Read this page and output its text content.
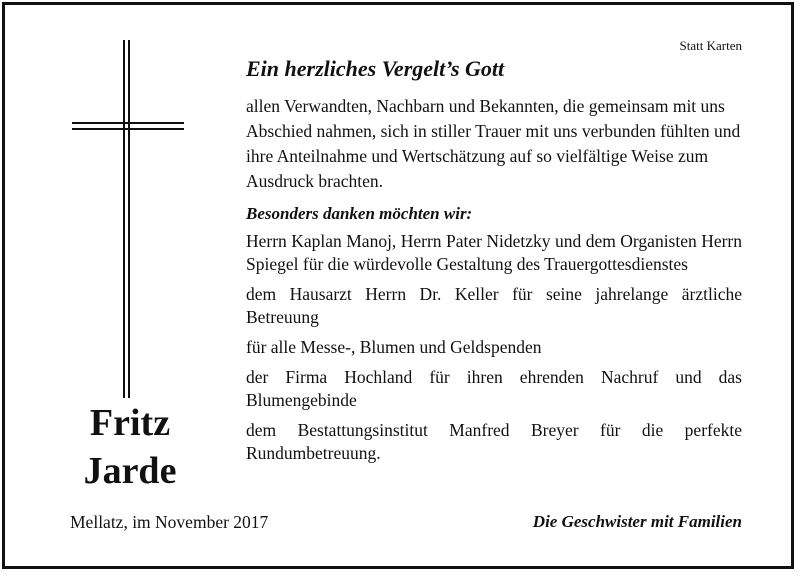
Fritz
Jarde
Statt Karten
Ein herzliches Vergelt’s Gott
allen Verwandten, Nachbarn und Bekannten, die gemeinsam mit uns Abschied nahmen, sich in stiller Trauer mit uns verbunden fühlten und ihre Anteilnahme und Wertschätzung auf so vielfältige Weise zum Ausdruck brachten.
Besonders danken möchten wir:
Herrn Kaplan Manoj, Herrn Pater Nidetzky und dem Organisten Herrn Spiegel für die würdevolle Gestaltung des Trauergottesdienstes
dem Hausarzt Herrn Dr. Keller für seine jahrelange ärztliche Betreuung
für alle Messe-, Blumen und Geldspenden
der Firma Hochland für ihren ehrenden Nachruf und das Blumengebinde
dem Bestattungsinstitut Manfred Breyer für die perfekte Rundumbetreuung.
Mellatz, im November 2017	Die Geschwister mit Familien
